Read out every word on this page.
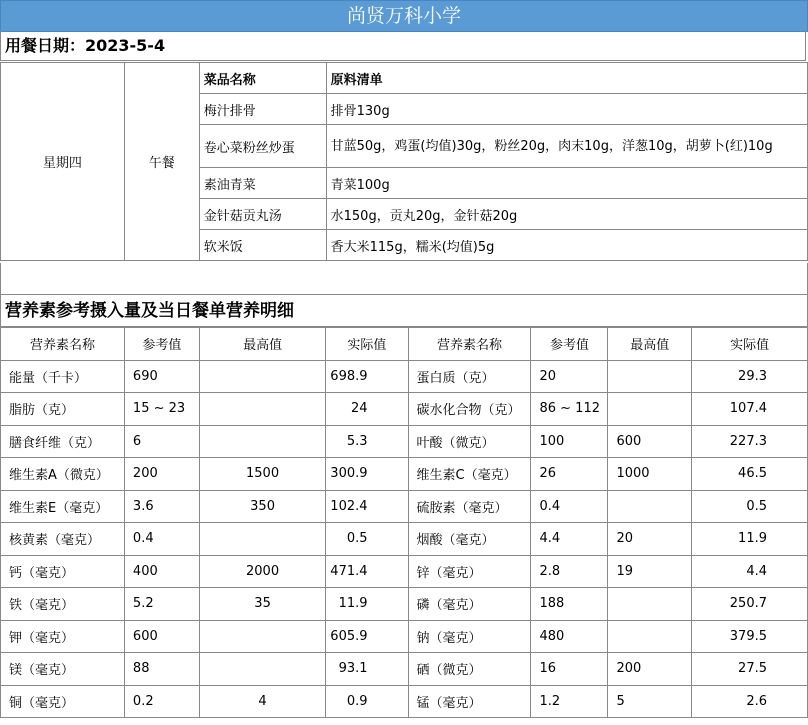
尚贤万科小学
用餐日期：2023-5-4
星期四	午餐	菜品名称	原料清单
		梅汁排骨	排骨130g
		卷心菜粉丝炒蛋	甘蓝50g，鸡蛋(均值)30g，粉丝20g，肉末10g，洋葱10g，胡萝卜(红)10g
		素油青菜	青菜100g
		金针菇贡丸汤	水150g，贡丸20g，金针菇20g
		软米饭	香大米115g，糯米(均值)5g
营养素参考摄入量及当日餐单营养明细
营养素名称	参考值	最高值	实际值	营养素名称	参考值	最高值	实际值
能量（千卡）	690		698.9	蛋白质（克）	20		29.3
脂肪（克）	15 ~ 23		24	碳水化合物（克）	86 ~ 112		107.4
膳食纤维（克）	6		5.3	叶酸（微克）	100	600	227.3
维生素A（微克）	200	1500	300.9	维生素C（毫克）	26	1000	46.5
维生素E（毫克）	3.6	350	102.4	硫胺素（毫克）	0.4		0.5
核黄素（毫克）	0.4		0.5	烟酸（毫克）	4.4	20	11.9
钙（毫克）	400	2000	471.4	锌（毫克）	2.8	19	4.4
铁（毫克）	5.2	35	11.9	磷（毫克）	188		250.7
钾（毫克）	600		605.9	钠（毫克）	480		379.5
镁（毫克）	88		93.1	硒（微克）	16	200	27.5
铜（毫克）	0.2	4	0.9	锰（毫克）	1.2	5	2.6
